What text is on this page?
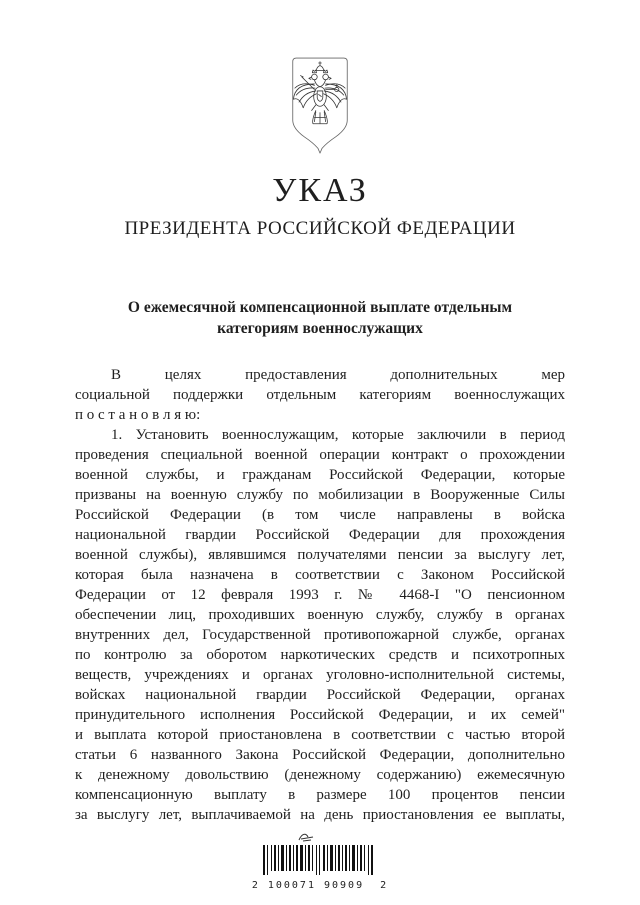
УКАЗ
ПРЕЗИДЕНТА РОССИЙСКОЙ ФЕДЕРАЦИИ
О ежемесячной компенсационной выплате отдельным
категориям военнослужащих
В целях предоставления дополнительных мер
социальной поддержки отдельным категориям военнослужащих
п о с т а н о в л я ю:
1. Установить военнослужащим, которые заключили в период
проведения специальной военной операции контракт о прохождении
военной службы, и гражданам Российской Федерации, которые
призваны на военную службу по мобилизации в Вооруженные Силы
Российской Федерации (в том числе направлены в войска
национальной гвардии Российской Федерации для прохождения
военной службы), являвшимся получателями пенсии за выслугу лет,
которая была назначена в соответствии с Законом Российской
Федерации от 12 февраля 1993 г. № 4468-I "О пенсионном
обеспечении лиц, проходивших военную службу, службу в органах
внутренних дел, Государственной противопожарной службе, органах
по контролю за оборотом наркотических средств и психотропных
веществ, учреждениях и органах уголовно-исполнительной системы,
войсках национальной гвардии Российской Федерации, органах
принудительного исполнения Российской Федерации, и их семей"
и выплата которой приостановлена в соответствии с частью второй
статьи 6 названного Закона Российской Федерации, дополнительно
к денежному довольствию (денежному содержанию) ежемесячную
компенсационную выплату в размере 100 процентов пенсии
за выслугу лет, выплачиваемой на день приостановления ее выплаты,
2 100071 90909  2
